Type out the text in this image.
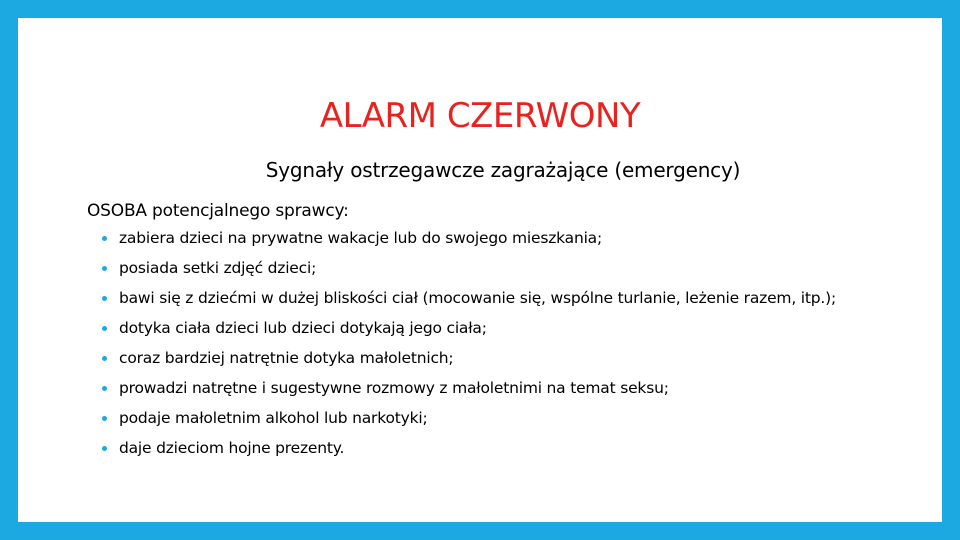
ALARM CZERWONY
Sygnały ostrzegawcze zagrażające (emergency)
OSOBA potencjalnego sprawcy:
zabiera dzieci na prywatne wakacje lub do swojego mieszkania;
posiada setki zdjęć dzieci;
bawi się z dziećmi w dużej bliskości ciał (mocowanie się, wspólne turlanie, leżenie razem, itp.);
dotyka ciała dzieci lub dzieci dotykają jego ciała;
coraz bardziej natrętnie dotyka małoletnich;
prowadzi natrętne i sugestywne rozmowy z małoletnimi na temat seksu;
podaje małoletnim alkohol lub narkotyki;
daje dzieciom hojne prezenty.
